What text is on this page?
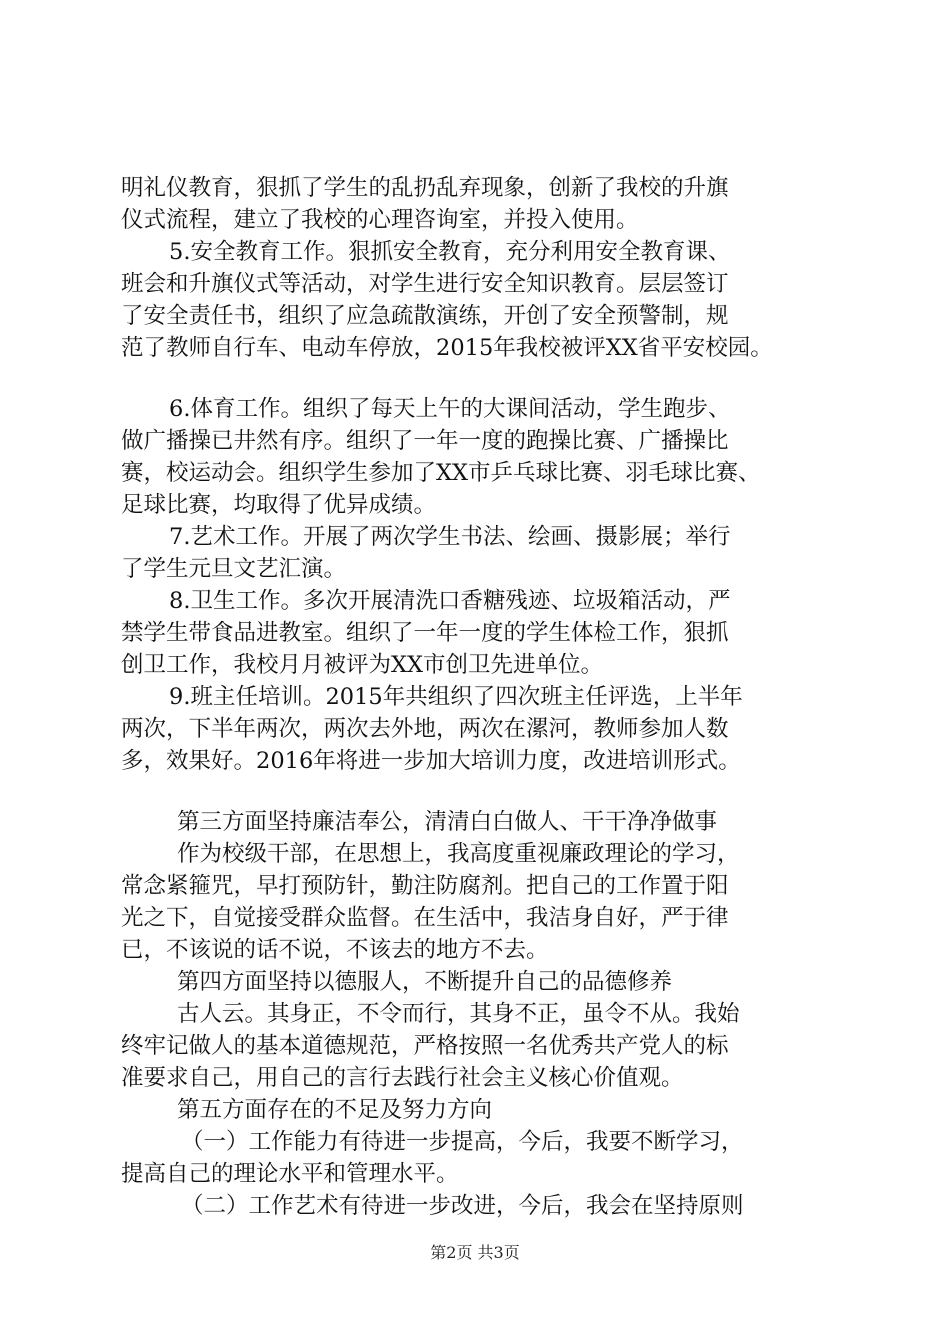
明礼仪教育，狠抓了学生的乱扔乱弃现象，创新了我校的升旗
仪式流程，建立了我校的心理咨询室，并投入使用。
5.安全教育工作。狠抓安全教育，充分利用安全教育课、
班会和升旗仪式等活动，对学生进行安全知识教育。层层签订
了安全责任书，组织了应急疏散演练，开创了安全预警制，规
范了教师自行车、电动车停放，2015年我校被评XX省平安校园。
6.体育工作。组织了每天上午的大课间活动，学生跑步、
做广播操已井然有序。组织了一年一度的跑操比赛、广播操比
赛，校运动会。组织学生参加了XX市乒乓球比赛、羽毛球比赛、
足球比赛，均取得了优异成绩。
7.艺术工作。开展了两次学生书法、绘画、摄影展；举行
了学生元旦文艺汇演。
8.卫生工作。多次开展清洗口香糖残迹、垃圾箱活动，严
禁学生带食品进教室。组织了一年一度的学生体检工作，狠抓
创卫工作，我校月月被评为XX市创卫先进单位。
9.班主任培训。2015年共组织了四次班主任评选，上半年
两次，下半年两次，两次去外地，两次在漯河，教师参加人数
多，效果好。2016年将进一步加大培训力度，改进培训形式。
第三方面坚持廉洁奉公，清清白白做人、干干净净做事
作为校级干部，在思想上，我高度重视廉政理论的学习，
常念紧箍咒，早打预防针，勤注防腐剂。把自己的工作置于阳
光之下，自觉接受群众监督。在生活中，我洁身自好，严于律
已，不该说的话不说，不该去的地方不去。
第四方面坚持以德服人，不断提升自己的品德修养
古人云。其身正，不令而行，其身不正，虽令不从。我始
终牢记做人的基本道德规范，严格按照一名优秀共产党人的标
准要求自己，用自己的言行去践行社会主义核心价值观。
第五方面存在的不足及努力方向
（一）工作能力有待进一步提高，今后，我要不断学习，
提高自己的理论水平和管理水平。
（二）工作艺术有待进一步改进，今后，我会在坚持原则
第2页 共3页
